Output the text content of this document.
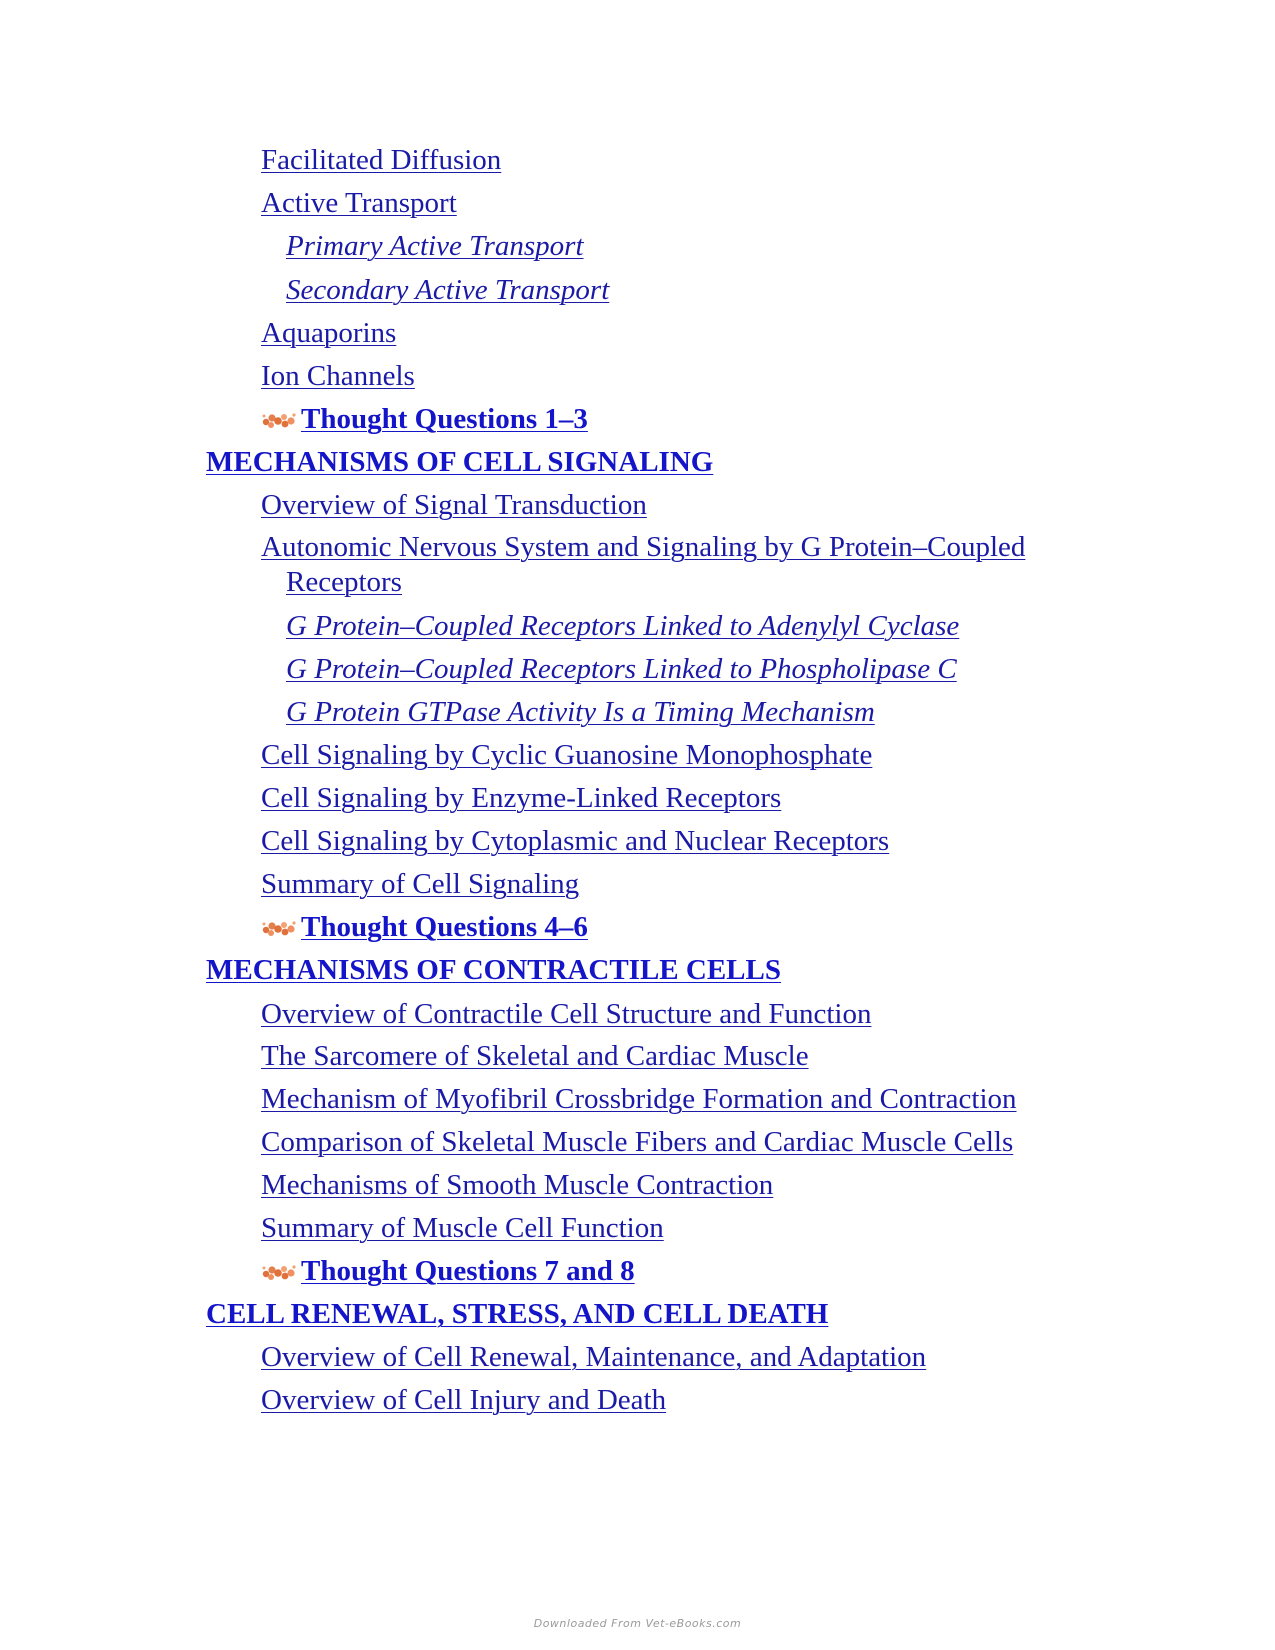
Facilitated Diffusion
Active Transport
Primary Active Transport
Secondary Active Transport
Aquaporins
Ion Channels
Thought Questions 1–3
MECHANISMS OF CELL SIGNALING
Overview of Signal Transduction
Autonomic Nervous System and Signaling by G Protein–Coupled
Receptors
G Protein–Coupled Receptors Linked to Adenylyl Cyclase
G Protein–Coupled Receptors Linked to Phospholipase C
G Protein GTPase Activity Is a Timing Mechanism
Cell Signaling by Cyclic Guanosine Monophosphate
Cell Signaling by Enzyme-Linked Receptors
Cell Signaling by Cytoplasmic and Nuclear Receptors
Summary of Cell Signaling
Thought Questions 4–6
MECHANISMS OF CONTRACTILE CELLS
Overview of Contractile Cell Structure and Function
The Sarcomere of Skeletal and Cardiac Muscle
Mechanism of Myofibril Crossbridge Formation and Contraction
Comparison of Skeletal Muscle Fibers and Cardiac Muscle Cells
Mechanisms of Smooth Muscle Contraction
Summary of Muscle Cell Function
Thought Questions 7 and 8
CELL RENEWAL, STRESS, AND CELL DEATH
Overview of Cell Renewal, Maintenance, and Adaptation
Overview of Cell Injury and Death
Downloaded From Vet-eBooks.com
